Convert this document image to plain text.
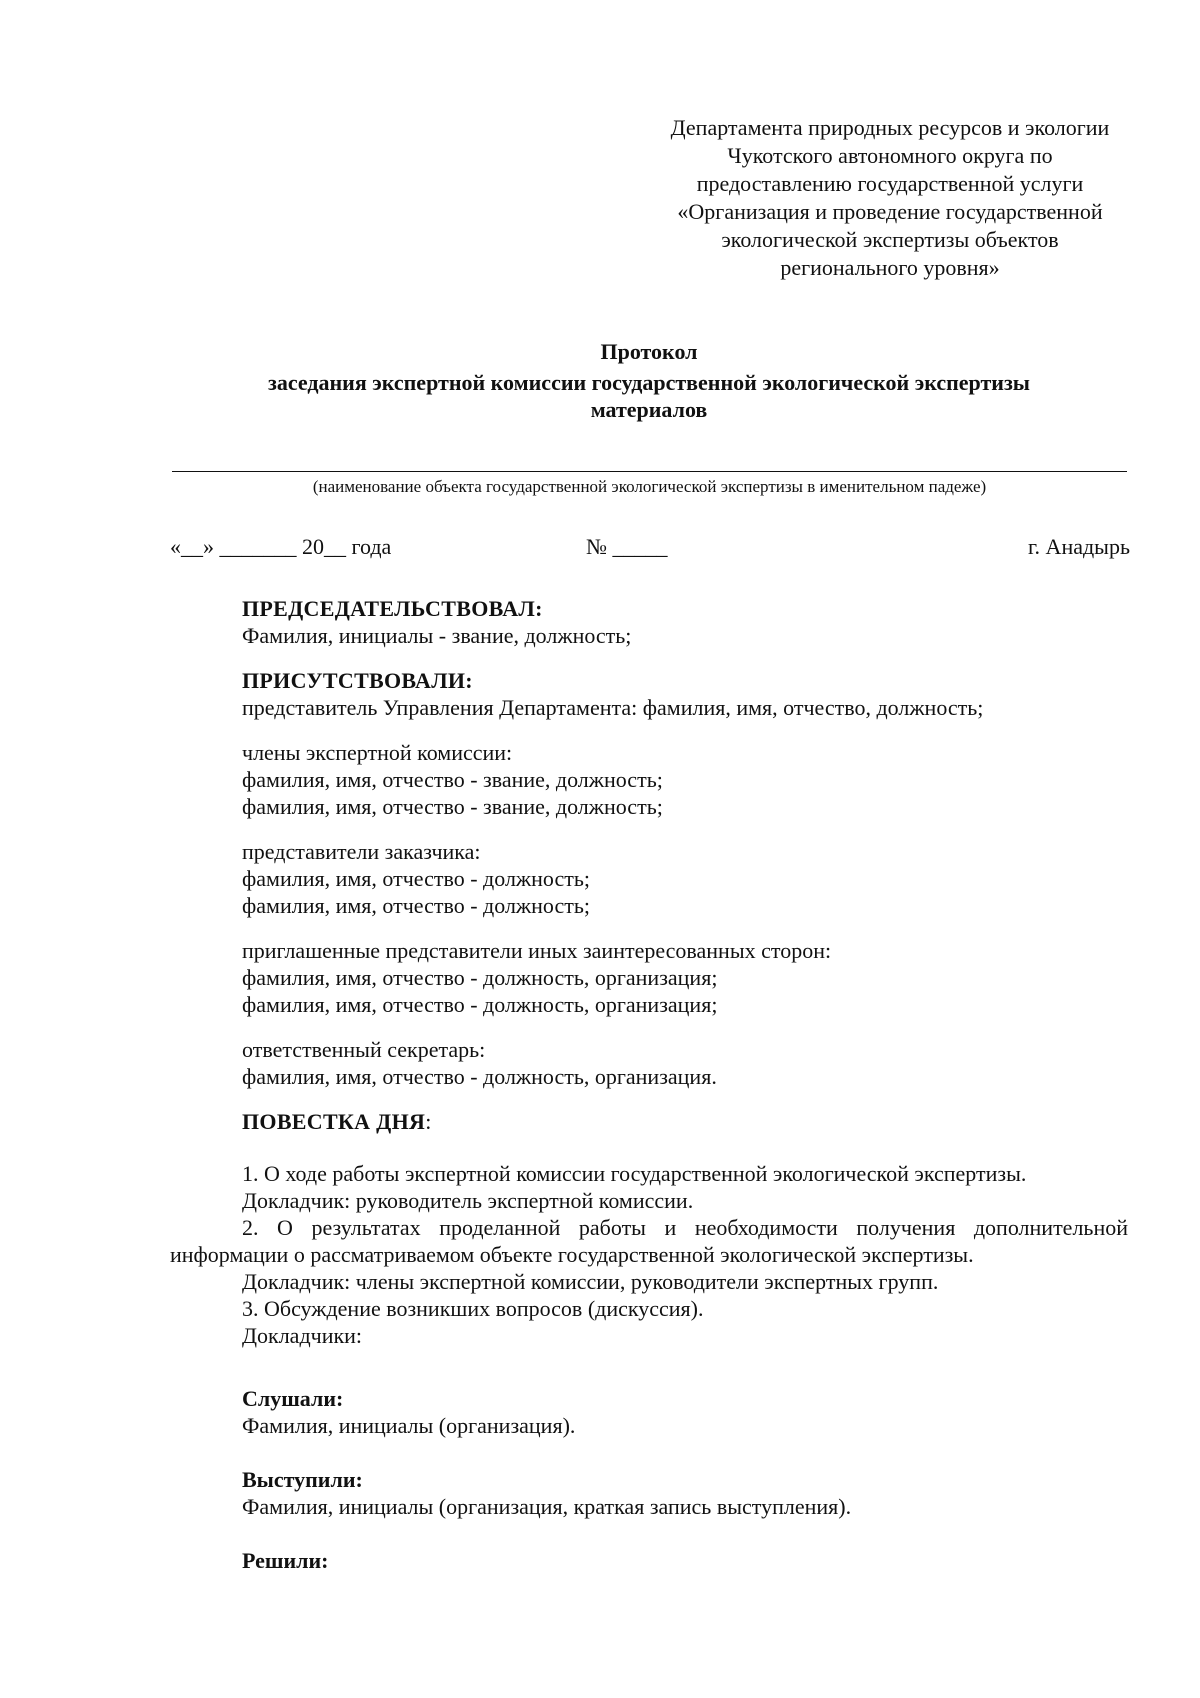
Департамента природных ресурсов и экологии
Чукотского автономного округа по
предоставлению государственной услуги
«Организация и проведение государственной
экологической экспертизы объектов
регионального уровня»
Протокол
заседания экспертной комиссии государственной экологической экспертизы
материалов
(наименование объекта государственной экологической экспертизы в именительном падеже)
«__» _______ 20__ года	№ _____	г. Анадырь

ПРЕДСЕДАТЕЛЬСТВОВАЛ:

Фамилия, инициалы - звание, должность;

ПРИСУТСТВОВАЛИ:

представитель Управления Департамента: фамилия, имя, отчество, должность;

члены экспертной комиссии:

фамилия, имя, отчество - звание, должность;

фамилия, имя, отчество - звание, должность;

представители заказчика:

фамилия, имя, отчество - должность;

фамилия, имя, отчество - должность;

приглашенные представители иных заинтересованных сторон:

фамилия, имя, отчество - должность, организация;

фамилия, имя, отчество - должность, организация;

ответственный секретарь:

фамилия, имя, отчество - должность, организация.

ПОВЕСТКА ДНЯ:

1. О ходе работы экспертной комиссии государственной экологической экспертизы.

Докладчик: руководитель экспертной комиссии.

2. О результатах проделанной работы и необходимости получения дополнительной

информации о рассматриваемом объекте государственной экологической экспертизы.

Докладчик: члены экспертной комиссии, руководители экспертных групп.

3. Обсуждение возникших вопросов (дискуссия).

Докладчики:

Слушали:

Фамилия, инициалы (организация).

Выступили:

Фамилия, инициалы (организация, краткая запись выступления).

Решили:
